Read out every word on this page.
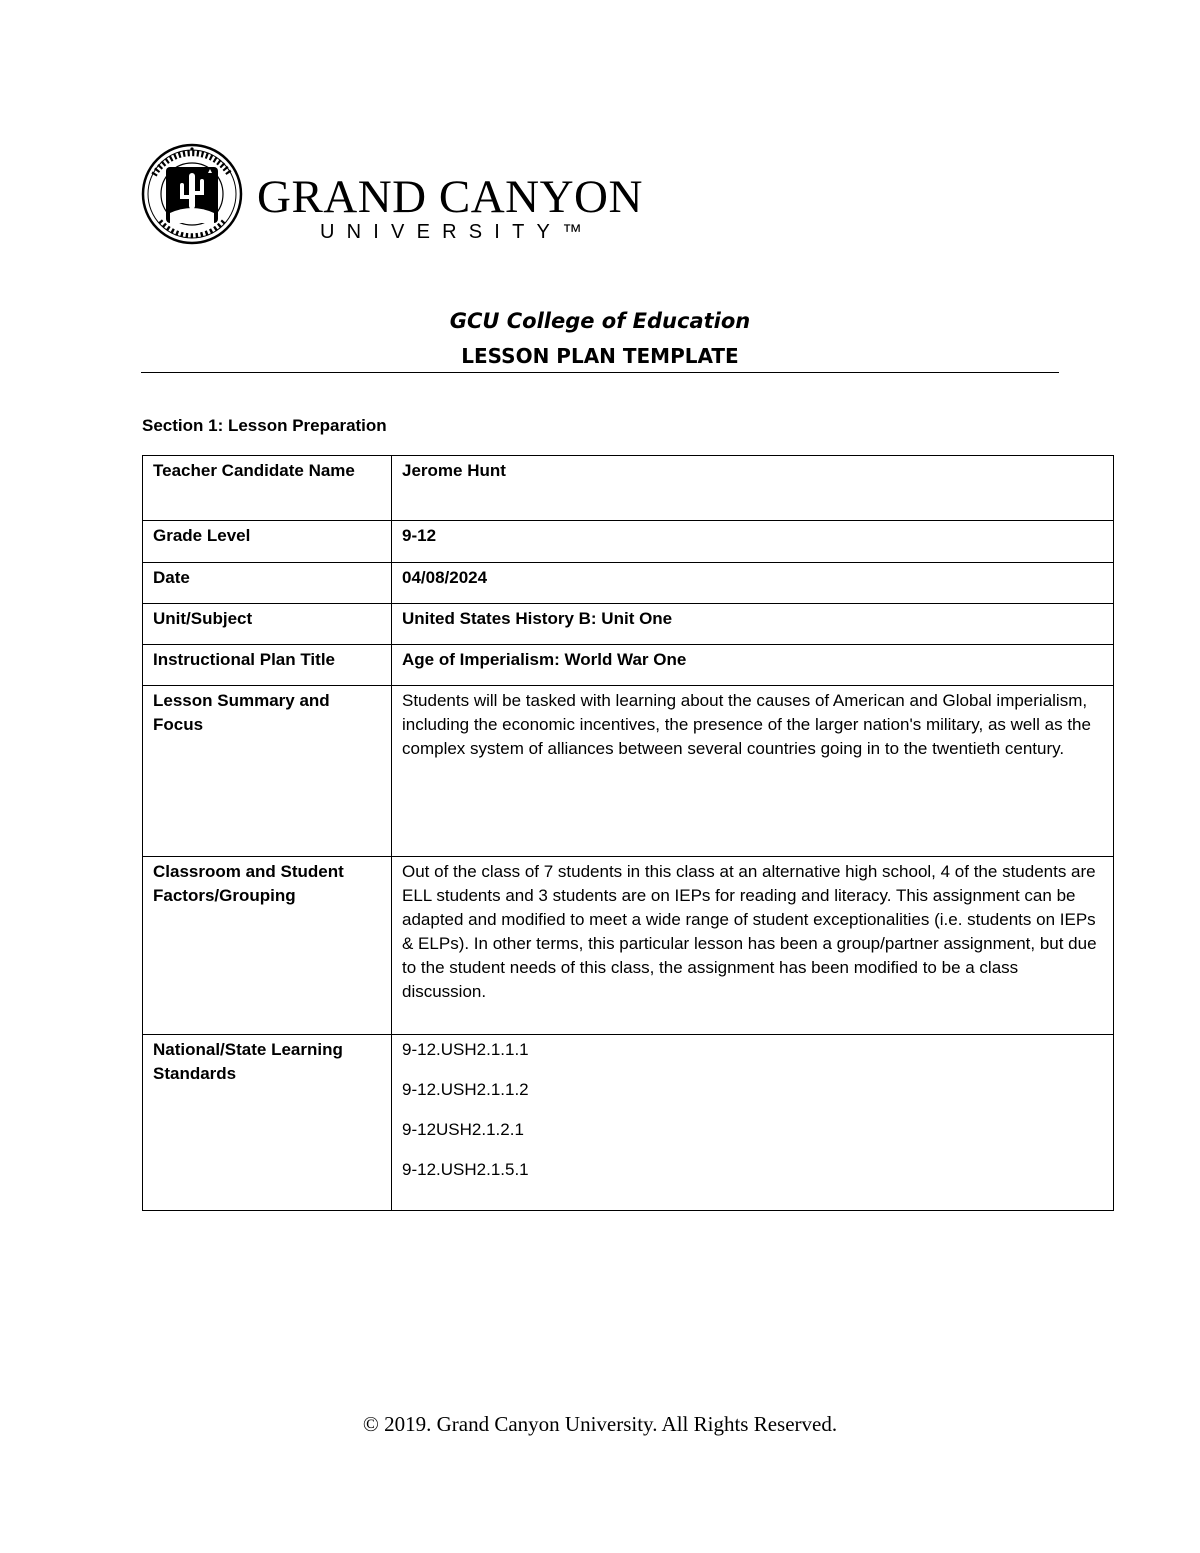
GRAND CANYON
UNIVERSITY™
GCU College of Education
LESSON PLAN TEMPLATE
Section 1: Lesson Preparation
Teacher Candidate Name	Jerome Hunt
Grade Level	9-12
Date	04/08/2024
Unit/Subject	United States History B: Unit One
Instructional Plan Title	Age of Imperialism: World War One
Lesson Summary and Focus	Students will be tasked with learning about the causes of American and Global imperialism, including the economic incentives, the presence of the larger nation's military, as well as the complex system of alliances between several countries going in to the twentieth century.
Classroom and Student Factors/Grouping	Out of the class of 7 students in this class at an alternative high school, 4 of the students are ELL students and 3 students are on IEPs for reading and literacy. This assignment can be adapted and modified to meet a wide range of student exceptionalities (i.e. students on IEPs & ELPs). In other terms, this particular lesson has been a group/partner assignment, but due to the student needs of this class, the assignment has been modified to be a class discussion.
National/State Learning Standards	9-12.USH2.1.1.1
9-12.USH2.1.1.2
9-12USH2.1.2.1
9-12.USH2.1.5.1
© 2019. Grand Canyon University. All Rights Reserved.
